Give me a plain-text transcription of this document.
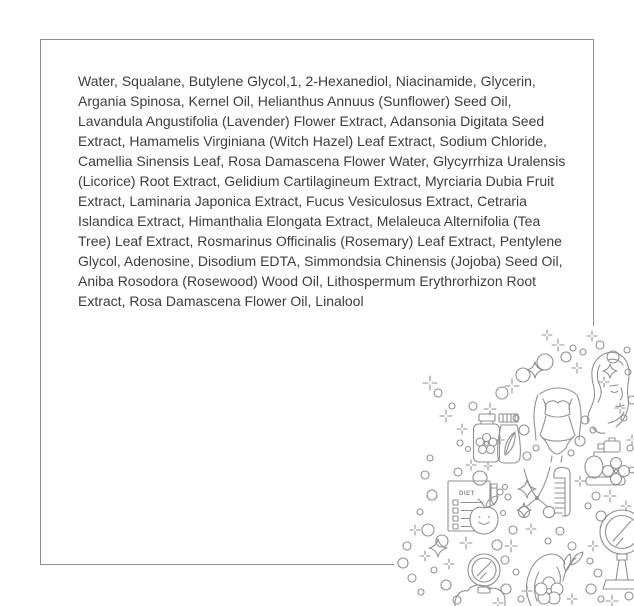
Water, Squalane, Butylene Glycol,1, 2-Hexanediol, Niacinamide, Glycerin,
Argania Spinosa, Kernel Oil, Helianthus Annuus (Sunflower) Seed Oil,
Lavandula Angustifolia (Lavender) Flower Extract, Adansonia Digitata Seed
Extract, Hamamelis Virginiana (Witch Hazel) Leaf Extract, Sodium Chloride,
Camellia Sinensis Leaf, Rosa Damascena Flower Water, Glycyrrhiza Uralensis
(Licorice) Root Extract, Gelidium Cartilagineum Extract, Myrciaria Dubia Fruit
Extract, Laminaria Japonica Extract, Fucus Vesiculosus Extract, Cetraria
Islandica Extract, Himanthalia Elongata Extract, Melaleuca Alternifolia (Tea
Tree) Leaf Extract, Rosmarinus Officinalis (Rosemary) Leaf Extract, Pentylene
Glycol, Adenosine, Disodium EDTA, Simmondsia Chinensis (Jojoba) Seed Oil,
Aniba Rosodora (Rosewood) Wood Oil, Lithospermum Erythrorhizon Root
Extract, Rosa Damascena Flower Oil, Linalool
DIET
